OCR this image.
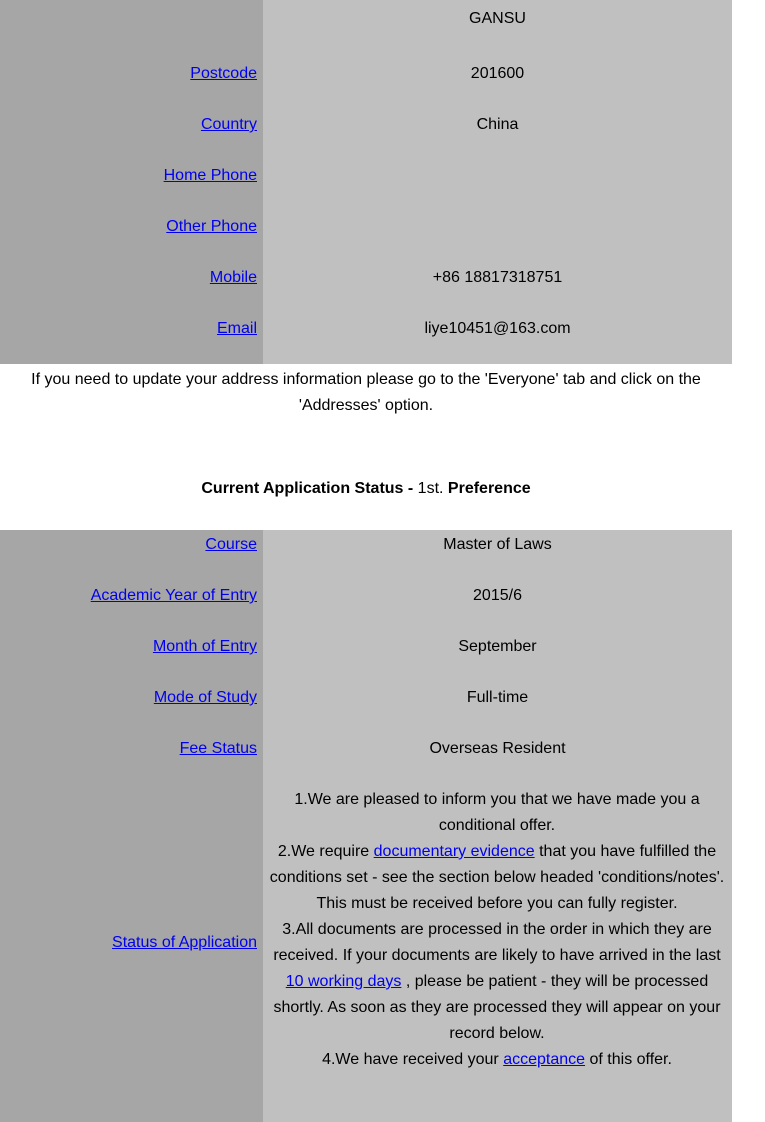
Postcode
Country
Home Phone
Other Phone
Mobile
Email
GANSU
201600
China
+86 18817318751
liye10451@163.com
If you need to update your address information please go to the 'Everyone' tab and click on the
'Addresses' option.
Current Application Status - 1st. Preference
Course
Academic Year of Entry
Month of Entry
Mode of Study
Fee Status
Status of Application
Master of Laws
2015/6
September
Full-time
Overseas Resident
1.We are pleased to inform you that we have made you a conditional offer.
2.We require documentary evidence that you have fulfilled the conditions set - see the section below headed 'conditions/notes'. This must be received before you can fully register.
3.All documents are processed in the order in which they are received. If your documents are likely to have arrived in the last 10 working days , please be patient - they will be processed shortly. As soon as they are processed they will appear on your record below.
4.We have received your acceptance of this offer.
